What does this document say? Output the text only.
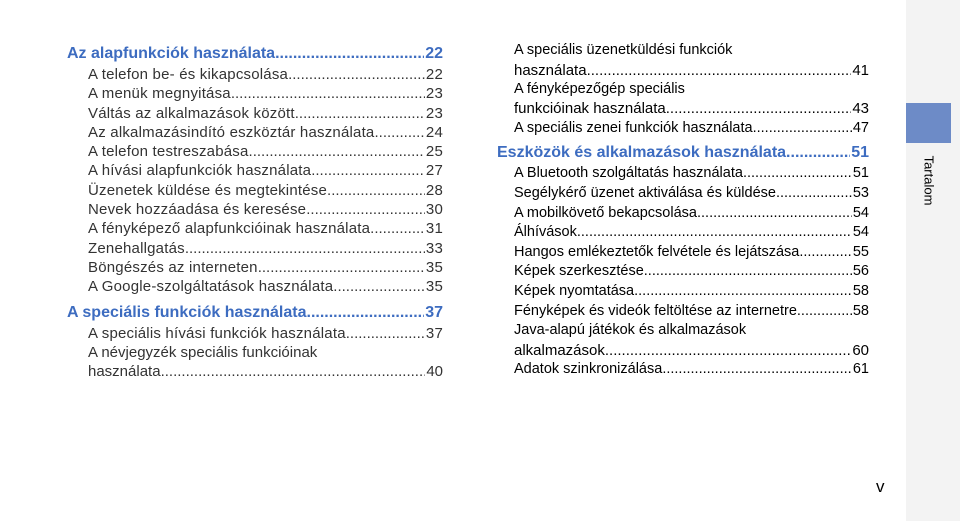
Tartalom
Az alapfunkciók használata .....	22
A telefon be- és kikapcsolása .....	22
A menük megnyitása .....	23
Váltás az alkalmazások között .....	23
Az alkalmazásindító eszköztár használata .....	24
A telefon testreszabása .....	25
A hívási alapfunkciók használata .....	27
Üzenetek küldése és megtekintése .....	28
Nevek hozzáadása és keresése .....	30
A fényképező alapfunkcióinak használata .....	31
Zenehallgatás .....	33
Böngészés az interneten .....	35
A Google-szolgáltatások használata .....	35
A speciális funkciók használata .....	37
A speciális hívási funkciók használata .....	37
A névjegyzék speciális funkcióinak
használata .....	40
A speciális üzenetküldési funkciók
használata .....	41
A fényképezőgép speciális
funkcióinak használata .....	43
A speciális zenei funkciók használata .....	47
Eszközök és alkalmazások használata .....	51
A Bluetooth szolgáltatás használata .....	51
Segélykérő üzenet aktiválása és küldése .....	53
A mobilkövető bekapcsolása .....	54
Álhívások .....	54
Hangos emlékeztetők felvétele és lejátszása .....	55
Képek szerkesztése .....	56
Képek nyomtatása .....	58
Fényképek és videók feltöltése az internetre .....	58
Java-alapú játékok és alkalmazások
alkalmazások .....	60
Adatok szinkronizálása .....	61
v
